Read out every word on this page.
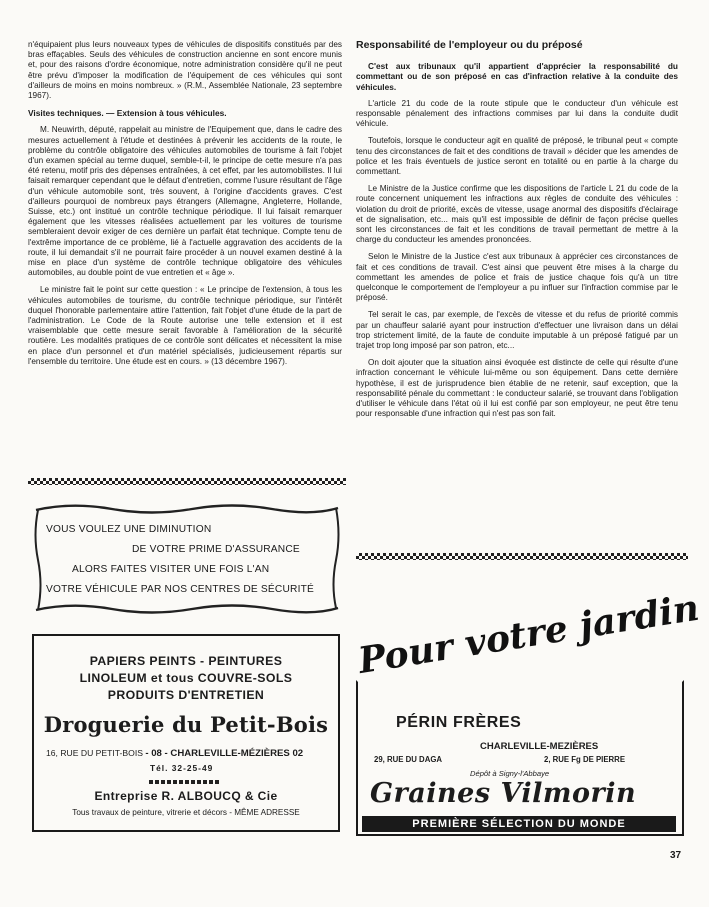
n'équipaient plus leurs nouveaux types de véhicules de dispositifs constitués par des bras effaçables. Seuls des véhicules de construction ancienne en sont encore munis et, pour des raisons d'ordre économique, notre administration considère qu'il ne peut être prévu d'imposer la modification de l'équipement de ces véhicules qui sont d'ailleurs de moins en moins nombreux. » (R.M., Assemblée Nationale, 23 septembre 1967).

Visites techniques. — Extension à tous véhicules.

M. Neuwirth, député, rappelait au ministre de l'Equipement que, dans le cadre des mesures actuellement à l'étude et destinées à prévenir les accidents de la route, le problème du contrôle obligatoire des véhicules automobiles de tourisme à fait l'objet d'un examen spécial au terme duquel, semble-t-il, le principe de cette mesure n'a pas été retenu, motif pris des dépenses entraînées, à cet effet, par les automobilistes. Il lui faisait remarquer cependant que le défaut d'entretien, comme l'usure résultant de l'âge d'un véhicule automobile sont, très souvent, à l'origine d'accidents graves. C'est d'ailleurs pourquoi de nombreux pays étrangers (Allemagne, Angleterre, Hollande, Suisse, etc.) ont institué un contrôle technique périodique. Il lui faisait remarquer également que les vitesses réalisées actuellement par les voitures de tourisme sembleraient devoir exiger de ces dernière un parfait état technique. Compte tenu de l'extrême importance de ce problème, lié à l'actuelle aggravation des accidents de la route, il lui demandait s'il ne pourrait faire procéder à un nouvel examen destiné à la mise en place d'un système de contrôle technique obligatoire des véhicules automobiles, au double point de vue entretien et « âge ».

Le ministre fait le point sur cette question : « Le principe de l'extension, à tous les véhicules automobiles de tourisme, du contrôle technique périodique, sur l'intérêt duquel l'honorable parlementaire attire l'attention, fait l'objet d'une étude de la part de l'administration. Le Code de la Route autorise une telle extension et il est vraisemblable que cette mesure serait favorable à l'amélioration de la sécurité routière. Les modalités pratiques de ce contrôle sont délicates et nécessitent la mise en place d'un personnel et d'un matériel spécialisés, judicieusement répartis sur l'ensemble du territoire. Une étude est en cours. » (13 décembre 1967).

Responsabilité de l'employeur ou du préposé

C'est aux tribunaux qu'il appartient d'apprécier la responsabilité du commettant ou de son préposé en cas d'infraction relative à la conduite des véhicules.

L'article 21 du code de la route stipule que le conducteur d'un véhicule est responsable pénalement des infractions commises par lui dans la conduite dudit véhicule.

Toutefois, lorsque le conducteur agit en qualité de préposé, le tribunal peut « compte tenu des circonstances de fait et des conditions de travail » décider que les amendes de police et les frais éventuels de justice seront en totalité ou en partie à la charge du commettant.

Le Ministre de la Justice confirme que les dispositions de l'article L 21 du code de la route concernent uniquement les infractions aux règles de conduite des véhicules : violation du droit de priorité, excès de vitesse, usage anormal des dispositifs d'éclairage et de signalisation, etc... mais qu'il est impossible de définir de façon précise quelles sont les circonstances de fait et les conditions de travail permettant de mettre à la charge du conducteur les amendes prononcées.

Selon le Ministre de la Justice c'est aux tribunaux à apprécier ces circonstances de fait et ces conditions de travail. C'est ainsi que peuvent être mises à la charge du commettant les amendes de police et frais de justice chaque fois qu'à un titre quelconque le comportement de l'employeur a pu influer sur l'infraction commise par le préposé.

Tel serait le cas, par exemple, de l'excès de vitesse et du refus de priorité commis par un chauffeur salarié ayant pour instruction d'effectuer une livraison dans un délai trop strictement limité, de la faute de conduite imputable à un préposé fatigué par un trajet trop long imposé par son patron, etc...

On doit ajouter que la situation ainsi évoquée est distincte de celle qui résulte d'une infraction concernant le véhicule lui-même ou son équipement. Dans cette dernière hypothèse, il est de jurisprudence bien établie de ne retenir, sauf exception, que la responsabilité pénale du commettant : le conducteur salarié, se trouvant dans l'obligation d'utiliser le véhicule dans l'état où il lui est confié par son employeur, ne peut être tenu pour responsable d'une infraction qui n'est pas son fait.

VOUS VOULEZ UNE DIMINUTION
DE VOTRE PRIME D'ASSURANCE
ALORS FAITES VISITER UNE FOIS L'AN
VOTRE VÉHICULE PAR NOS CENTRES DE SÉCURITÉ
PAPIERS PEINTS - PEINTURES
LINOLEUM et tous COUVRE-SOLS
PRODUITS D'ENTRETIEN
Droguerie du Petit-Bois
16, RUE DU PETIT-BOIS - 08 - CHARLEVILLE-MÉZIÈRES 02
Tél. 32-25-49
Entreprise R. ALBOUCQ & Cie
Tous travaux de peinture, vitrerie et décors - MÊME ADRESSE
Pour votre jardin
PÉRIN FRÈRES
CHARLEVILLE-MEZIÈRES
29, RUE DU DAGA	2, RUE Fg DE PIERRE
Dépôt à Signy-l'Abbaye
Graines Vilmorin
PREMIÈRE SÉLECTION DU MONDE
37
